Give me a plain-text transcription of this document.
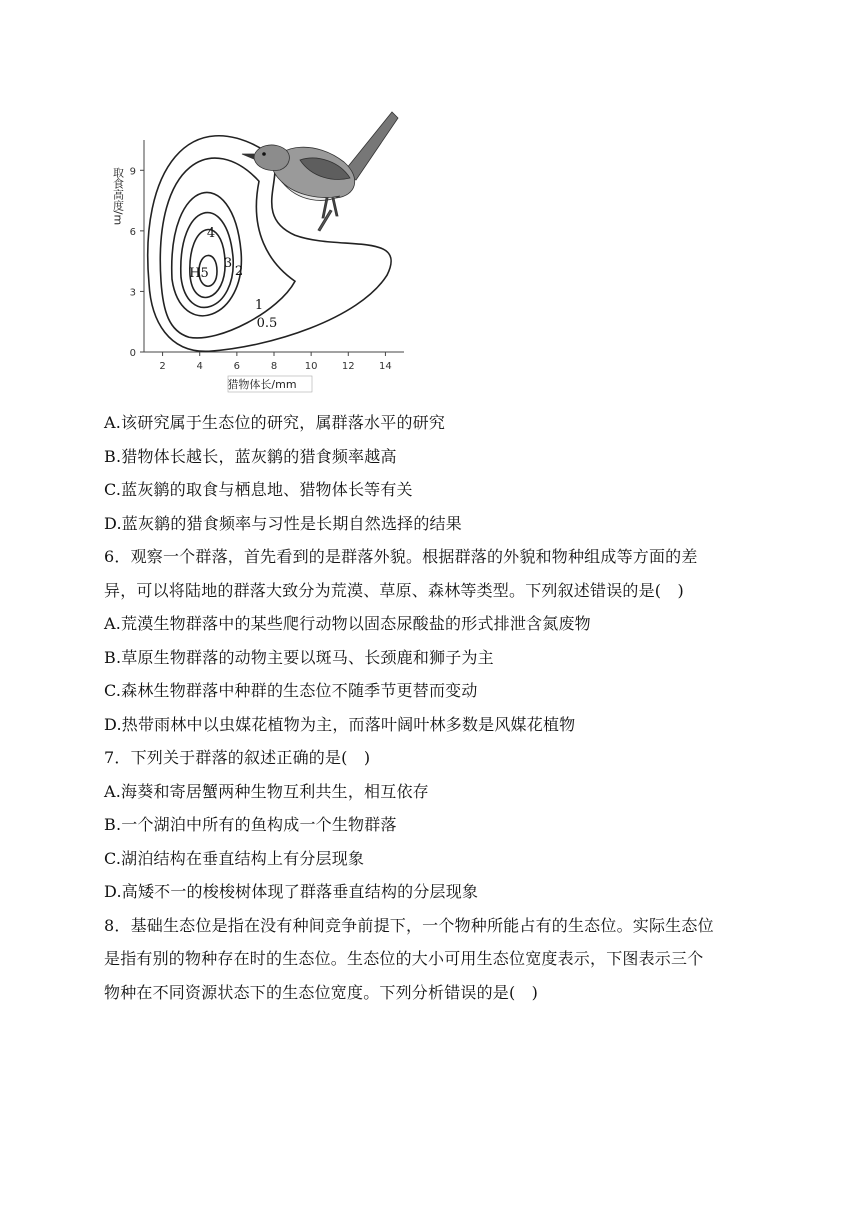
2	4	6	8	10 12 14
0
3
6
9
猎物体长/mm
取食高度/m
H5
4
3
2
1
0.5
A.该研究属于生态位的研究，属群落水平的研究
B.猎物体长越长，蓝灰鹟的猎食频率越高
C.蓝灰鹟的取食与栖息地、猎物体长等有关
D.蓝灰鹟的猎食频率与习性是长期自然选择的结果
6．观察一个群落，首先看到的是群落外貌。根据群落的外貌和物种组成等方面的差
异，可以将陆地的群落大致分为荒漠、草原、森林等类型。下列叙述错误的是(　)
A.荒漠生物群落中的某些爬行动物以固态尿酸盐的形式排泄含氮废物
B.草原生物群落的动物主要以斑马、长颈鹿和狮子为主
C.森林生物群落中种群的生态位不随季节更替而变动
D.热带雨林中以虫媒花植物为主，而落叶阔叶林多数是风媒花植物
7．下列关于群落的叙述正确的是(　)
A.海葵和寄居蟹两种生物互利共生，相互依存
B.一个湖泊中所有的鱼构成一个生物群落
C.湖泊结构在垂直结构上有分层现象
D.高矮不一的梭梭树体现了群落垂直结构的分层现象
8．基础生态位是指在没有种间竞争前提下，一个物种所能占有的生态位。实际生态位
是指有别的物种存在时的生态位。生态位的大小可用生态位宽度表示，下图表示三个
物种在不同资源状态下的生态位宽度。下列分析错误的是(　)
